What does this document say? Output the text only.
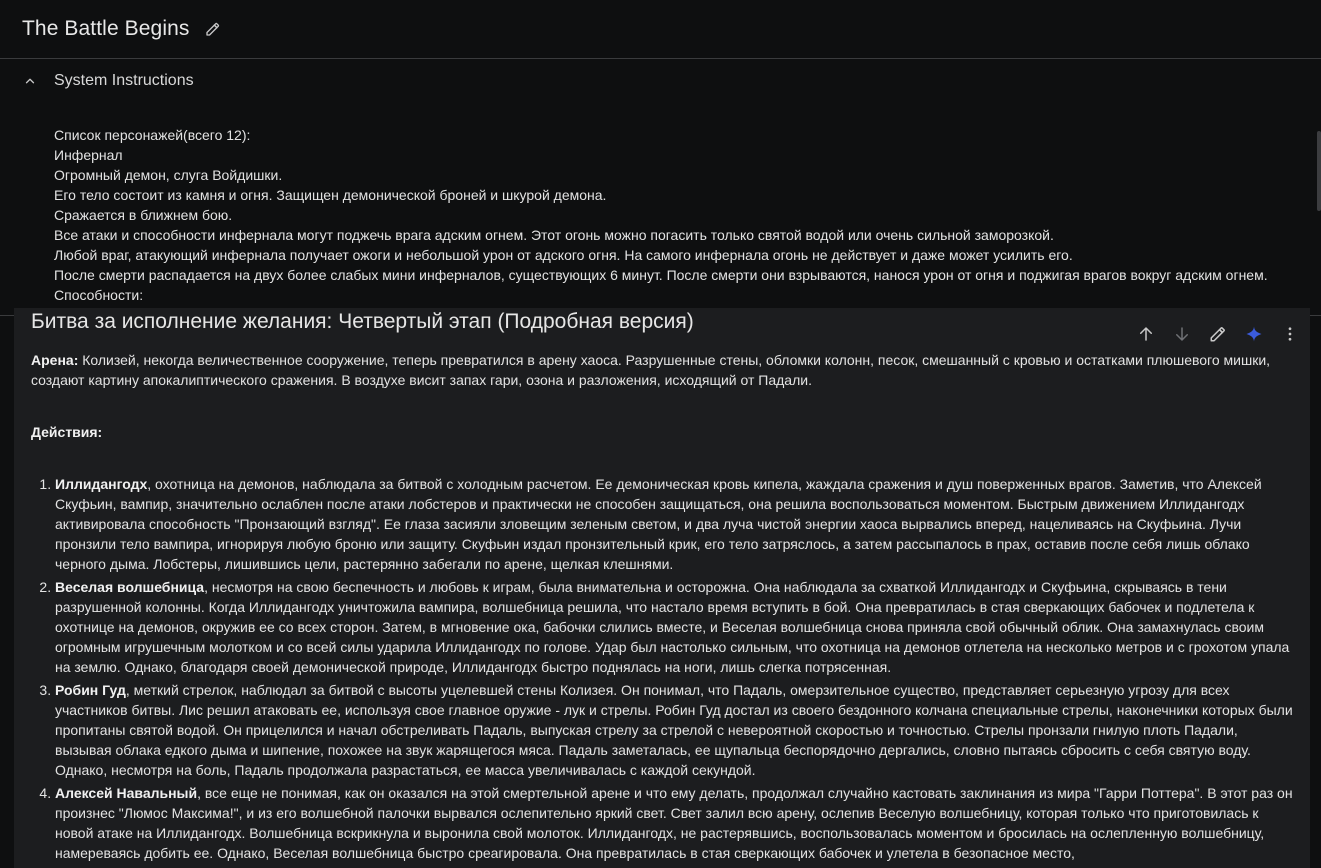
The Battle Begins
System Instructions
Список персонажей(всего 12):
Инфернал
Огромный демон, слуга Войдишки.
Его тело состоит из камня и огня. Защищен демонической броней и шкурой демона.
Сражается в ближнем бою.
Все атаки и способности инфернала могут поджечь врага адским огнем. Этот огонь можно погасить только святой водой или очень сильной заморозкой.
Любой враг, атакующий инфернала получает ожоги и небольшой урон от адского огня. На самого инфернала огонь не действует и даже может усилить его.
После смерти распадается на двух более слабых мини инферналов, существующих 6 минут. После смерти они взрываются, нанося урон от огня и поджигая врагов вокруг адским огнем.
Способности:
Битва за исполнение желания: Четвертый этап (Подробная версия)

Арена: Колизей, некогда величественное сооружение, теперь превратился в арену хаоса. Разрушенные стены, обломки колонн, песок, смешанный с кровью и остатками плюшевого мишки, создают картину апокалиптического сражения. В воздухе висит запах гари, озона и разложения, исходящий от Падали.

Действия:

1. Иллидангодх, охотница на демонов, наблюдала за битвой с холодным расчетом. Ее демоническая кровь кипела, жаждала сражения и душ поверженных врагов. Заметив, что Алексей Скуфьин, вампир, значительно ослаблен после атаки лобстеров и практически не способен защищаться, она решила воспользоваться моментом. Быстрым движением Иллидангодх активировала способность "Пронзающий взгляд". Ее глаза засияли зловещим зеленым светом, и два луча чистой энергии хаоса вырвались вперед, нацеливаясь на Скуфьина. Лучи пронзили тело вампира, игнорируя любую броню или защиту. Скуфьин издал пронзительный крик, его тело затряслось, а затем рассыпалось в прах, оставив после себя лишь облако черного дыма. Лобстеры, лишившись цели, растерянно забегали по арене, щелкая клешнями.
2. Веселая волшебница, несмотря на свою беспечность и любовь к играм, была внимательна и осторожна. Она наблюдала за схваткой Иллидангодх и Скуфьина, скрываясь в тени разрушенной колонны. Когда Иллидангодх уничтожила вампира, волшебница решила, что настало время вступить в бой. Она превратилась в стая сверкающих бабочек и подлетела к охотнице на демонов, окружив ее со всех сторон. Затем, в мгновение ока, бабочки слились вместе, и Веселая волшебница снова приняла свой обычный облик. Она замахнулась своим огромным игрушечным молотком и со всей силы ударила Иллидангодх по голове. Удар был настолько сильным, что охотница на демонов отлетела на несколько метров и с грохотом упала на землю. Однако, благодаря своей демонической природе, Иллидангодх быстро поднялась на ноги, лишь слегка потрясенная.
3. Робин Гуд, меткий стрелок, наблюдал за битвой с высоты уцелевшей стены Колизея. Он понимал, что Падаль, омерзительное существо, представляет серьезную угрозу для всех участников битвы. Лис решил атаковать ее, используя свое главное оружие - лук и стрелы. Робин Гуд достал из своего бездонного колчана специальные стрелы, наконечники которых были пропитаны святой водой. Он прицелился и начал обстреливать Падаль, выпуская стрелу за стрелой с невероятной скоростью и точностью. Стрелы пронзали гнилую плоть Падали, вызывая облака едкого дыма и шипение, похожее на звук жарящегося мяса. Падаль заметалась, ее щупальца беспорядочно дергались, словно пытаясь сбросить с себя святую воду. Однако, несмотря на боль, Падаль продолжала разрастаться, ее масса увеличивалась с каждой секундой.
4. Алексей Навальный, все еще не понимая, как он оказался на этой смертельной арене и что ему делать, продолжал случайно кастовать заклинания из мира "Гарри Поттера". В этот раз он произнес "Люмос Максима!", и из его волшебной палочки вырвался ослепительно яркий свет. Свет залил всю арену, ослепив Веселую волшебницу, которая только что приготовилась к новой атаке на Иллидангодх. Волшебница вскрикнула и выронила свой молоток. Иллидангодх, не растерявшись, воспользовалась моментом и бросилась на ослепленную волшебницу, намереваясь добить ее. Однако, Веселая волшебница быстро среагировала. Она превратилась в стая сверкающих бабочек и улетела в безопасное место,
